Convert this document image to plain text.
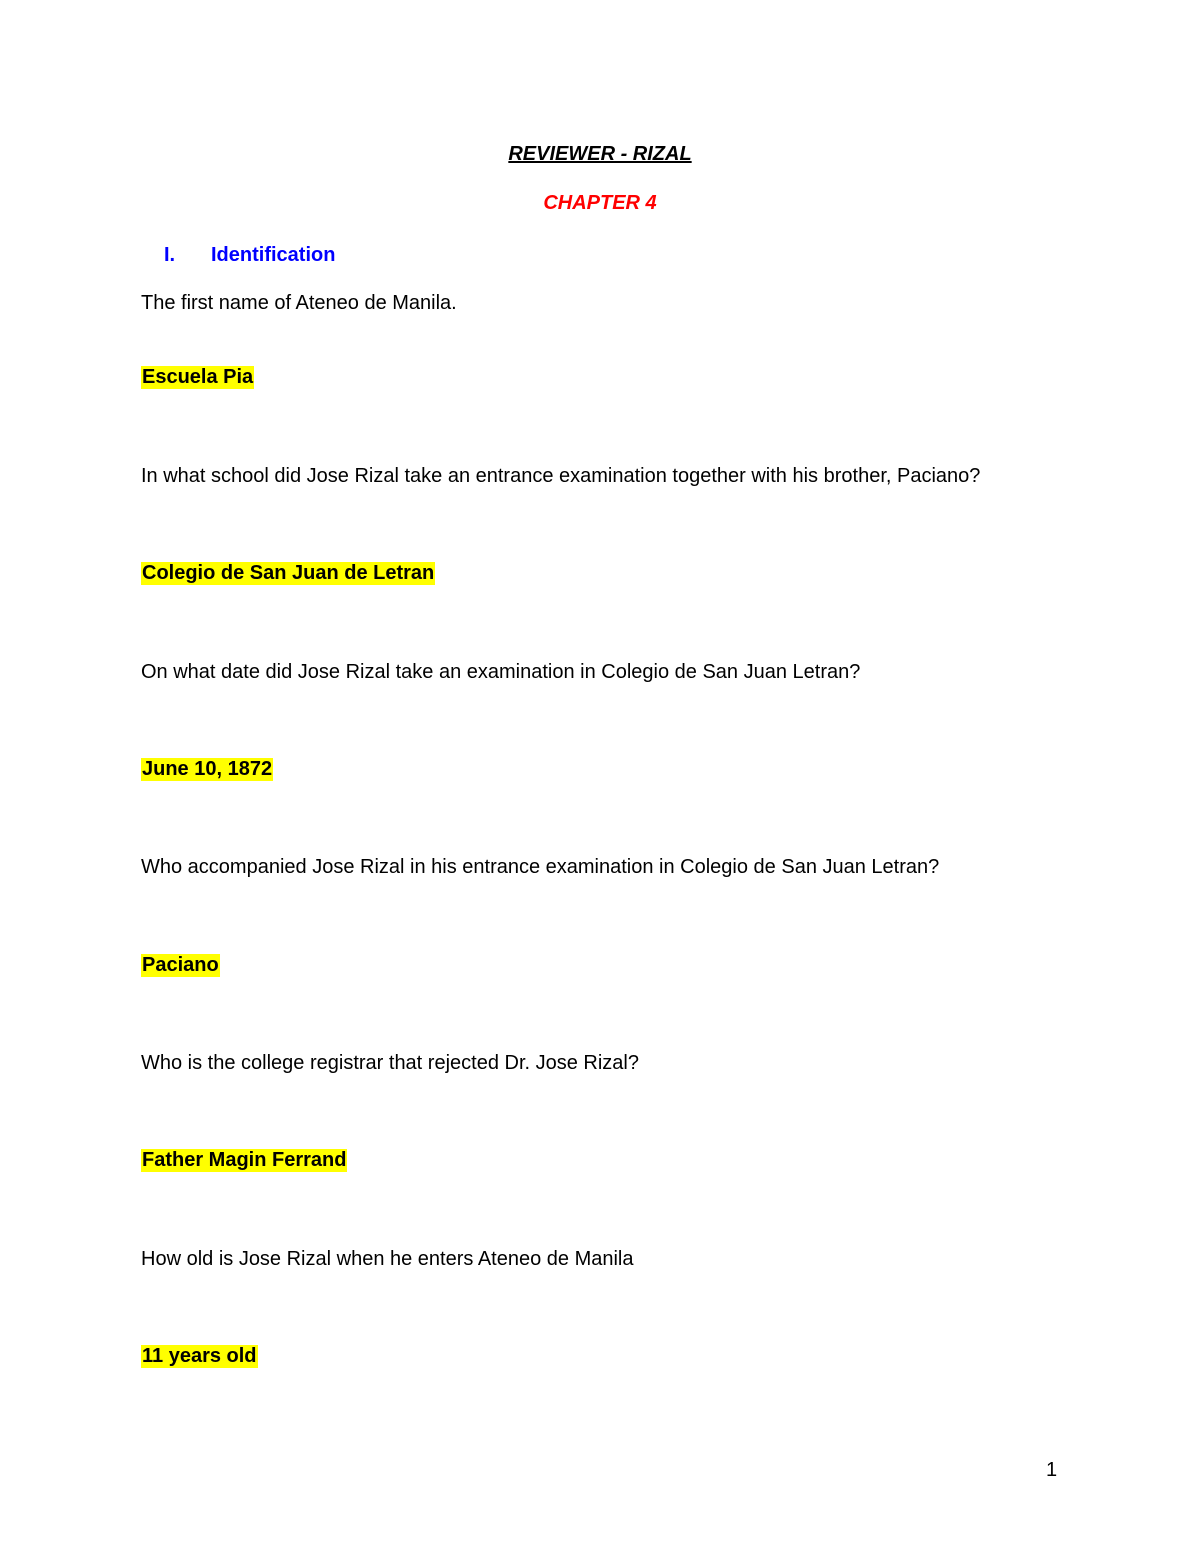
REVIEWER - RIZAL
CHAPTER 4
I. Identification
The first name of Ateneo de Manila.
Escuela Pia
In what school did Jose Rizal take an entrance examination together with his brother, Paciano?
Colegio de San Juan de Letran
On what date did Jose Rizal take an examination in Colegio de San Juan Letran?
June 10, 1872
Who accompanied Jose Rizal in his entrance examination in Colegio de San Juan Letran?
Paciano
Who is the college registrar that rejected Dr. Jose Rizal?
Father Magin Ferrand
How old is Jose Rizal when he enters Ateneo de Manila
11 years old
1
